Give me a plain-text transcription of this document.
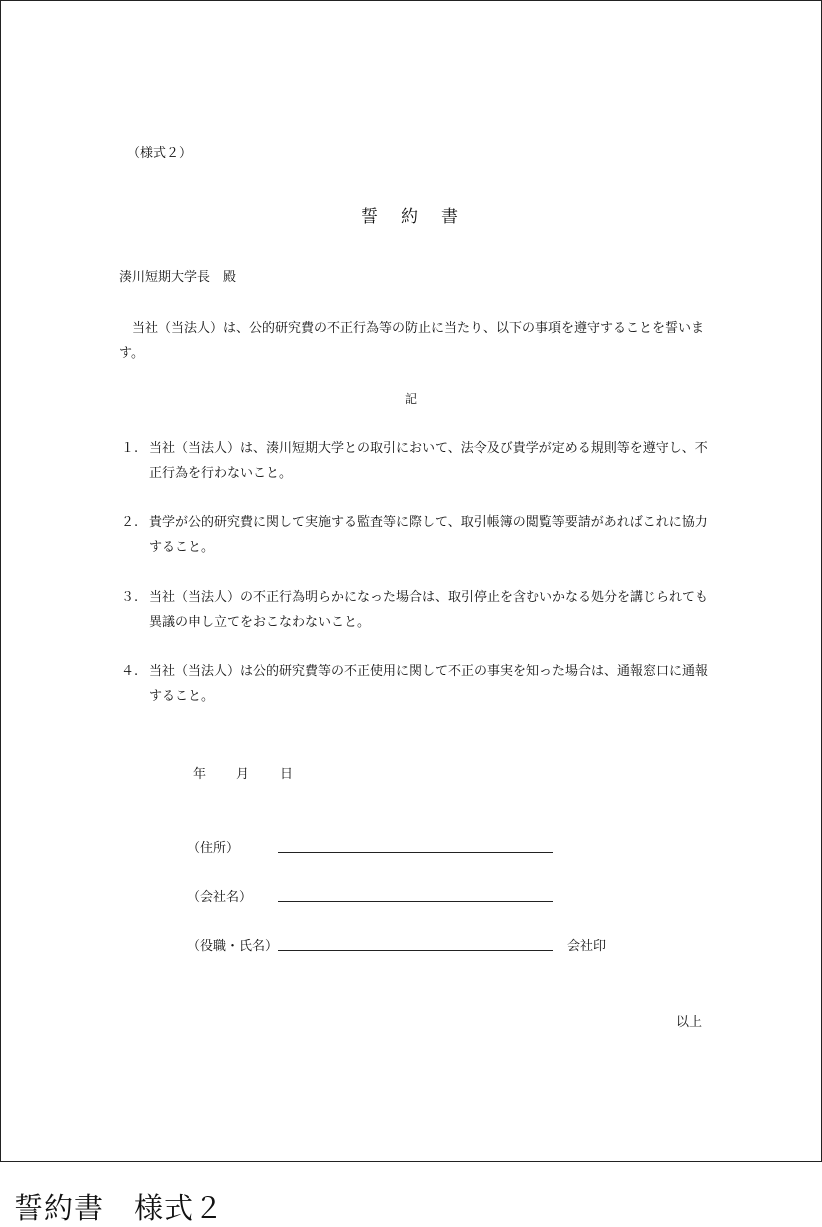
（様式２）
誓　約　書
湊川短期大学長　殿
　当社（当法人）は、公的研究費の不正行為等の防止に当たり、以下の事項を遵守することを誓います。
記
１. 当社（当法人）は、湊川短期大学との取引において、法令及び貴学が定める規則等を遵守し、不正行為を行わないこと。
２. 貴学が公的研究費に関して実施する監査等に際して、取引帳簿の閲覧等要請があればこれに協力すること。
３. 当社（当法人）の不正行為明らかになった場合は、取引停止を含むいかなる処分を講じられても異議の申し立てをおこなわないこと。
４. 当社（当法人）は公的研究費等の不正使用に関して不正の事実を知った場合は、通報窓口に通報すること。
年 月 日
（住所）
（会社名）
（役職・氏名）	会社印
以上
誓約書　様式２
